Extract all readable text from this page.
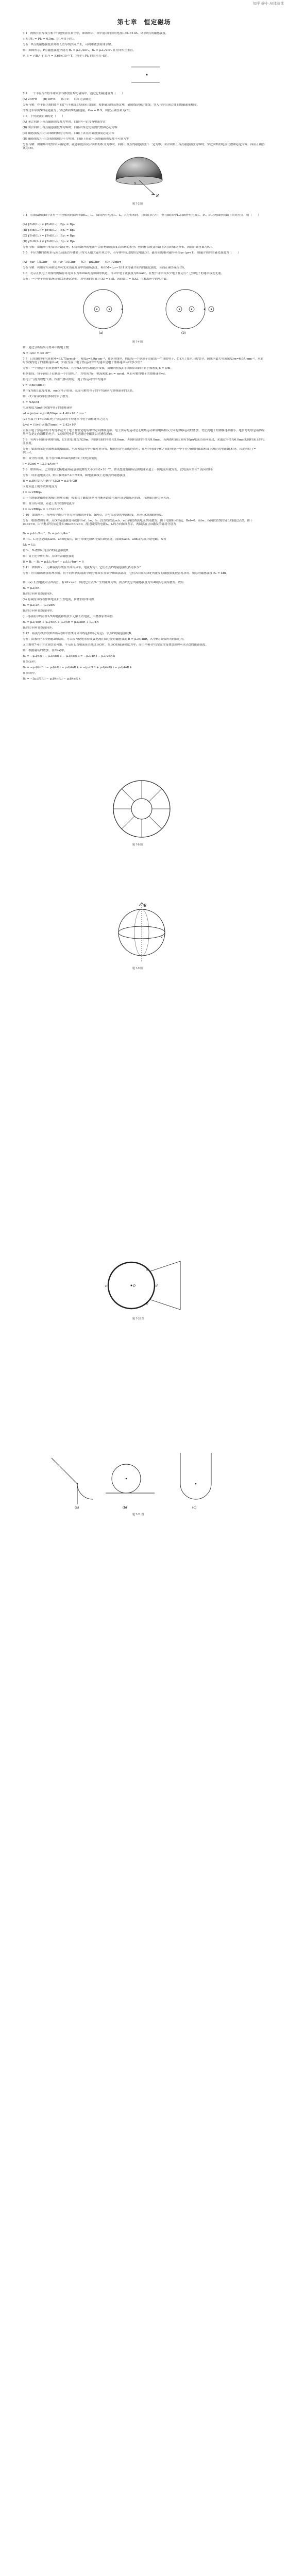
知乎 @小·AI体验课
第七章　恒定磁场
7-1　两根长直导线互相平行地放置在真空中，如图所示，其中通以同向的电流I₁=I₂=10A。试求P点的磁感强度。
已知 PI₁ = PI₂ = 0.5m，PI₁垂直于PI₂。
分析：P点的磁感强度由两根长直导线共同产生，可利用叠加原理求解。
解：如图所示，P点磁感强度分别为 B₁ = μ₀I₁/2πr₁，B₂ = μ₀I₂/2πr₂ 且方向相互垂直。
则 B = √(B₁² + B₂²) = 5.66×10⁻⁶ T，方向与 PI₁ 的夹角为 45°。
7-2　一个半径为R的半球面形导体放在均匀磁场中，通过它的磁通量为（　　）
(A) 2πR²B　　(B) πR²B　　(C) 0　　(D) 无法确定
分析与解：作半径为R的圆平面S′与半球面S构成闭合曲面，根据磁场的高斯定理，磁感线是闭合曲线，穿入与穿出闭合曲面的磁通量相等。
即穿过半球面S的磁通量等于穿过圆面S′的磁通量，Φm = B·S，因此正确答案为(B)。
7-3　下列说法正确的是（　　）
(A) 闭合回路上各点磁感强度都为零时，回路内一定没有电流穿过
(B) 闭合回路上各点磁感强度都为零时，回路内穿过电流的代数和必定为零
(C) 磁感强度沿闭合回路的积分为零时，回路上各点的磁感强度必定为零
(D) 磁感强度沿闭合回路的积分不为零时，回路上任意一点的磁感强度都不可能为零
分析与解：由磁场中的安培环路定理，磁感强度沿闭合回路的积分为零时，回路上各点的磁感强度不一定为零；闭合回路上各点磁感强度为零时，穿过回路的电流代数和必定为零。因而正确答案为(B)。
7-4　在图(a)和(b)中各有一半径相同的圆形回路L₁、L₂，圆周内有电流I₁、I₂，其分布相同，且均在真空中，但在(b)图中L₂回路外有电流I₃，P₁、P₂为两圆形回路上的对应点，则（　　）
(A) ∮B·dl(L₁) = ∮B·dl(L₂)，Bp₁ = Bp₂
(B) ∮B·dl(L₁) ≠ ∮B·dl(L₂)，Bp₁ = Bp₂
(C) ∮B·dl(L₁) = ∮B·dl(L₂)，Bp₁ ≠ Bp₂
(D) ∮B·dl(L₁) ≠ ∮B·dl(L₂)，Bp₁ ≠ Bp₂
分析与解：由磁场中的安培环路定理，积分回路外的电流不会影响磁感强度沿回路的积分；但同样会改变回路上各点的磁场分布。因而正确答案为(C)。
7-5　半径为R的圆柱形无限长载流直导体置于均匀无限大磁介质之中，若导体中流过的恒定电流为I，磁介质的相对磁导率为μr (μr<1)，则磁介质内的磁化强度为（　　）
(A) −(μr−1)I/2πr　　(B) (μr−1)I/2πr　　(C) −μrI/2πr　　(D) I/2πμrr
分析与解：利用安培环路定理可先求出磁介质中的磁场强度，再由M=(μr−1)H 求得磁介质内的磁化强度，因而正确答案为(B)。
7-6　北京正负电子对撞机的储存环是周长为240m的近似圆形轨道，当环中电子流强度为8mA时，在整个环中有多少电子在运行？已知电子的速率接近光速。
分析：一个电子绕存储环近似以光速运动时，对电流的贡献为 ΔI = ec/l，因而由 I = NΔI，可解出环中的电子数。
解：通过分析结果可得环中的电子数
N = Il/ec = 4×10¹⁰
7-7　已知铜的摩尔质量M=63.75g·mol⁻¹，密度ρ=8.9g·cm⁻³，在铜导线里，假设每一个铜原子贡献出一个自由电子，(1)为了技术上的安全，铜线内最大电流密度jm=6.0A·mm⁻²，求此时铜线内电子的漂移速率vd；(2)在室温下电子热运动的平均速率是电子漂移速率vd的多少倍？
分析：一个铜原子的质量m=M/NA，其中NA为阿伏伽德罗常数，由铜的密度ρ可以推算出铜的原子数密度 n = ρ/m。
根据假设，每个铜原子贡献出一个自由电子，其电荷为e，电流密度 jm = nevd。从而可解得电子的漂移速率vd。
将电子气视为理想气体，根据气体动理论，电子热运动的平均速率
v̄ = √(8kT/πme)
其中k为玻耳兹曼常量，me为电子质量。从而可解得电子的平均速率与漂移速率的关系。
解：(1) 铜导线单位体积的原子数为
n = NAρ/M
电流密度为jm时铜线内电子的漂移速率
vd = jm/ne = jmM/NAρe = 4.46×10⁻⁴ m·s⁻¹
(2) 室温下(T=300K)电子热运动的平均速率与电子漂移速率之比为
v̄/vd = (1/vd)√(8kT/πme) ≈ 2.42×10⁸
室温下电子热运动的平均速率远大于电子在恒定电场中的定向漂移速率。电子实际的运动是无规热运动和沿电场相反方向的漂移运动的叠加。考虑到电子的漂移速率很小，电信号的信息载体显然不会是定向漂移的电子。实验证明电信号是通过电磁波以光速传递的。
7-8　有两个同轴导体圆柱面，它们的长度均为20m，内圆柱面的半径为3.0mm，外圆柱面的半径为9.0mm。若两圆柱面之间有10μA电流沿径向流过，求通过半径为6.0mm的圆柱面上的电流密度。
分析：如图所示是同轴柱面的横截面，电流密度j对中心轴对称分布。根据恒定电流的连续性，在两个同轴导体之间的任意一个半径为r的同轴圆柱面上流过的电流I都相等，因此可得 j = I/2πrl。
解：由分析可知，在半径r=6.0mm的圆柱面上的电流密度
j = I/2πrl = 13.3 μA·m⁻²
7-9　如图所示，已知地球北极地磁场磁感强度B的大小为6.0×10⁻⁵T。如设想此地磁场是由地球赤道上一圆电流所激发的，此电流有多大？流向如何？
分析：设赤道电流为I，则由教材第7-4节例2知，圆电流轴线上北极点的磁感强度
B = μ₀IR²/2(R²+R²)^(3/2) = μ₀I/4√2R
因此赤道上的等效圆电流为
I = 4√2RB/μ₀
由于在地球地磁场的N极在地理南极，根据右手螺旋法则可判断赤道圆电流应该是由东向西流，与地球自转方向相反。
解：由分析可知，赤道上的等效圆电流为
I = 4√2RB/μ₀ = 1.73×10⁹ A
7-10　如图所示，有两根导线沿半径方向接触铁环的a、b两点，并与很远处的电源相接。求环心O的磁感强度。
分析：根据叠加原理，点O的磁感强度可视作由ef、be、fa三段直线以及acb、adb两段圆弧电流共同激发。由于电源距环较远，Bef=0。而be、fa两段直线的延长线通过点O，由于Idl×r=0，由毕奥-萨伐尔定律知 Bbe=Bfa=0。流过圆弧的电流I₁、I₂的方向如图所示，两圆弧在点O激发的磁场分别为
B₁ = μ₀I₁l₁/4πr²，B₂ = μ₀I₂l₂/4πr²
其中l₁、l₂分别是圆弧acb、adb的弧长，由于导线电阻R与弧长l成正比，而圆弧acb、adb又构成并联电路，故有
I₁l₁ = I₂l₂
将B₁、B₂叠加可得点O的磁感强度B。
解：由上述分析可知，点O的合磁感强度
B = B₁ − B₂ = μ₀I₁l₁/4πr² − μ₀I₂l₂/4πr² = 0
7-11　如图所示，几种载流导线在平面内分布，电流均为I，它们在点O的磁感强度各为多少？
分析：应用磁场叠加原理求解。将不同形状的载流导线分解成长直部分和圆弧部分，它们各自在点O处所激发的磁感强度较容易求得，则总的磁感强度 B₀ = ΣBi。
解：(a) 长直电流对点O而言，有Idl×r=0，因此它在点O产生的磁场为零，则点O处总的磁感强度为1/4圆弧电流所激发，故有
B₀ = μ₀I/8R
B₀的方向垂直纸面向外。
(b) 将载流导线看作圆电流和长直电流，由叠加原理可得
B₀ = μ₀I/2R − μ₀I/2πR
B₀的方向垂直纸面向里。
(c) 将载流导线看作1/2圆电流和两段半无限长直电流，由叠加原理可得
B₀ = μ₀I/4πR + μ₀I/4πR + μ₀I/4R = μ₀I/2πR + μ₀I/4R
B₀的方向垂直纸面向外。
7-12　载流导线形状如图所示(图中直线部分导线延伸到无穷远)，求点O的磁感强度B。
分析：由教材7-4节例题2的结果，可以很方便地求得圆弧电流在圆心处的磁感强度 B = μ₀Iθ/4πR，式中θ为圆弧所对的圆心角。
又由教材7-4节的计算结果可知，半无限长直电流延长线过点O时，在点O的磁感强度为零；而由毕奥-萨伐尔定律及叠加原理可求点O的磁感强度。
解：根据磁场的叠加，在图(a)中，
B₀ = −μ₀I/4R i − μ₀I/4πR k − μ₀I/4πR k = −μ₀I/4R i − μ₀I/2πR k
在图(b)中，
B₀ = −μ₀I/4πR i − μ₀I/4R i − μ₀I/4πR k = −(μ₀I/4R + μ₀I/4πR) i − μ₀I/4πR k
在图(c)中，
B₀ = −3μ₀I/8R i − μ₀I/4πR j − μ₀I/4πR k
B
S
题 7-2 图
(a)	(b)
题 7-4 图
题 7-8 图
B
I
题 7-9 图
O
a
b
c	d
题 7-10 图
(a)	(b)	(c)
题 7-11 图
